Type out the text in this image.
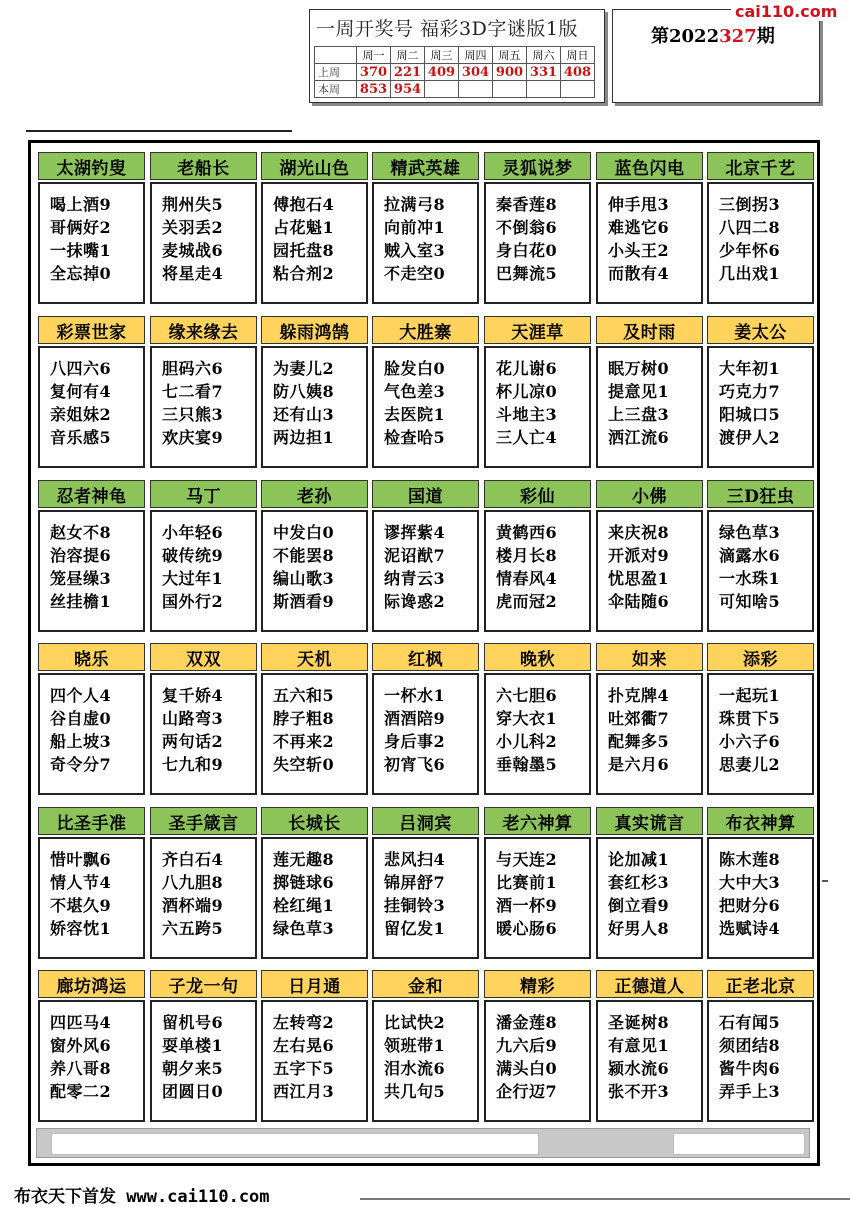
一周开奖号 福彩3D字谜版1版
	周一	周二	周三	周四	周五	周六	周日
上周	370	221	409	304	900	331	408
本周	853	954					
第2022327期
cai110.com
太湖钓叟
喝上酒9
哥俩好2
一抹嘴1
全忘掉0
老船长
荆州失5
关羽丢2
麦城战6
将星走4
湖光山色
傅抱石4
占花魁1
园托盘8
粘合剂2
精武英雄
拉满弓8
向前冲1
贼入室3
不走空0
灵狐说梦
秦香莲8
不倒翁6
身白花0
巴舞流5
蓝色闪电
伸手甩3
难逃它6
小头王2
而散有4
北京千艺
三倒拐3
八四二8
少年怀6
几出戏1
彩票世家
八四六6
复何有4
亲姐妹2
音乐感5
缘来缘去
胆码六6
七二看7
三只熊3
欢庆宴9
躲雨鸿鹄
为妻儿2
防八姨8
还有山3
两边担1
大胜寨
脸发白0
气色差3
去医院1
检查哈5
天涯草
花儿谢6
杯儿凉0
斗地主3
三人亡4
及时雨
眠万树0
提意见1
上三盘3
洒江流6
姜太公
大年初1
巧克力7
阳城口5
渡伊人2
忍者神龟
赵女不8
治容提6
笼昼缲3
丝挂檐1
马丁
小年轻6
破传统9
大过年1
国外行2
老孙
中发白0
不能罢8
编山歌3
斯酒看9
国道
谬挥紫4
泥诏猷7
纳青云3
际谗惑2
彩仙
黄鹤西6
楼月长8
情春风4
虎而冠2
小佛
来庆祝8
开派对9
忧思盈1
伞陆随6
三D狂虫
绿色草3
滴露水6
一水珠1
可知啥5
晓乐
四个人4
谷自虚0
船上坡3
奇令分7
双双
复千娇4
山路弯3
两句话2
七九和9
天机
五六和5
脖子粗8
不再来2
失空斩0
红枫
一杯水1
酒酒陪9
身后事2
初宵飞6
晚秋
六七胆6
穿大衣1
小儿科2
垂翰墨5
如来
扑克牌4
吐郊衢7
配舞多5
是六月6
添彩
一起玩1
珠贯下5
小六子6
思妻儿2
比圣手准
惜叶飘6
情人节4
不堪久9
娇容忱1
圣手箴言
齐白石4
八九胆8
酒杯端9
六五跨5
长城长
莲无趣8
掷链球6
栓红绳1
绿色草3
吕洞宾
悲风扫4
锦屏舒7
挂铜铃3
留亿发1
老六神算
与天连2
比赛前1
酒一杯9
暖心肠6
真实谎言
论加减1
套红杉3
倒立看9
好男人8
布衣神算
陈木莲8
大中大3
把财分6
选赋诗4
廊坊鸿运
四匹马4
窗外风6
养八哥8
配零二2
子龙一句
留机号6
耍单楼1
朝夕来5
团圆日0
日月通
左转弯2
左右晃6
五字下5
西江月3
金和
比试快2
领班带1
泪水流6
共几句5
精彩
潘金莲8
九六后9
满头白0
企行迈7
正德道人
圣诞树8
有意见1
颍水流6
张不开3
正老北京
石有闻5
须团结8
酱牛肉6
弄手上3
布衣天下首发 www.cai110.com
